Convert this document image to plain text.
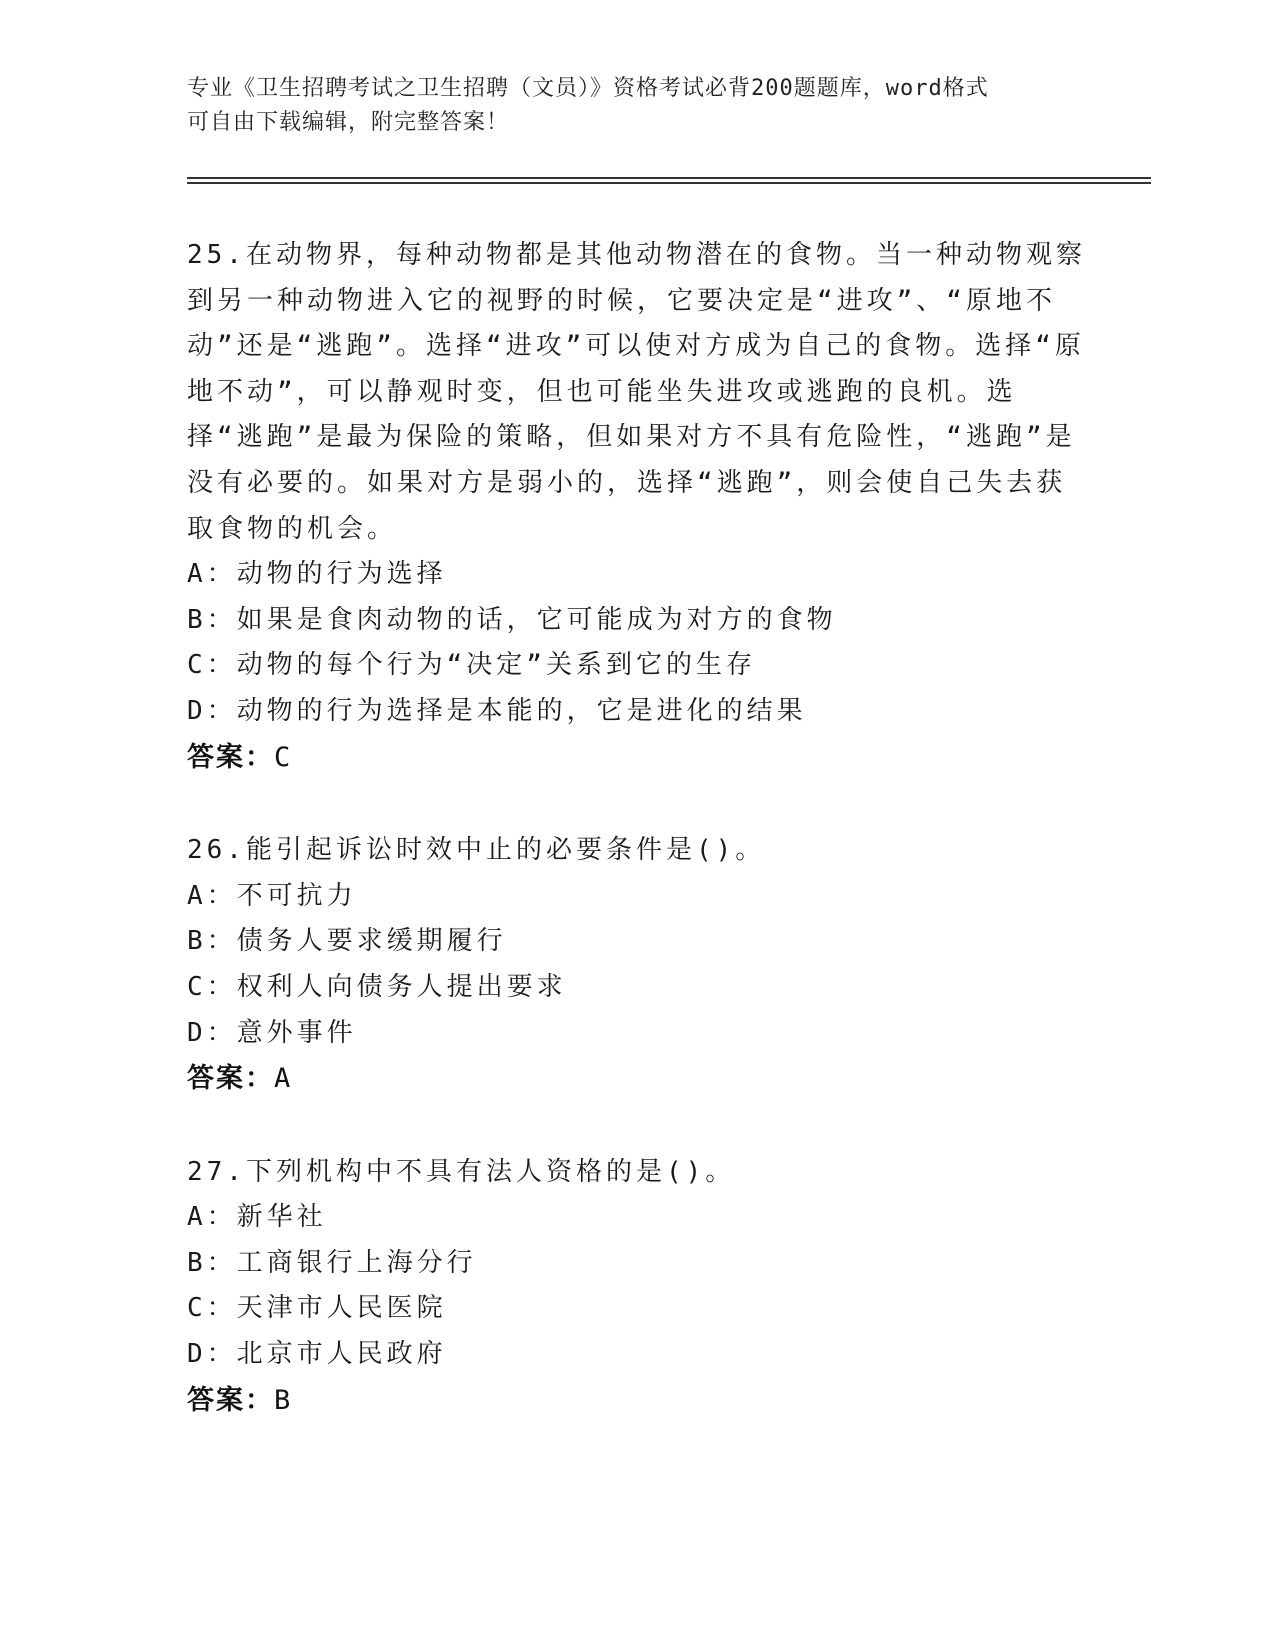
专业《卫生招聘考试之卫生招聘（文员）》资格考试必背200题题库，word格式
可自由下载编辑，附完整答案！

25.在动物界，每种动物都是其他动物潜在的食物。当一种动物观察到另一种动物进入它的视野的时候，它要决定是“进攻”、“原地不动”还是“逃跑”。选择“进攻”可以使对方成为自己的食物。选择“原地不动”，可以静观时变，但也可能坐失进攻或逃跑的良机。选择“逃跑”是最为保险的策略，但如果对方不具有危险性，“逃跑”是没有必要的。如果对方是弱小的，选择“逃跑”，则会使自己失去获取食物的机会。

A：动物的行为选择

B：如果是食肉动物的话，它可能成为对方的食物

C：动物的每个行为“决定”关系到它的生存

D：动物的行为选择是本能的，它是进化的结果

答案：C

26.能引起诉讼时效中止的必要条件是()。

A：不可抗力

B：债务人要求缓期履行

C：权利人向债务人提出要求

D：意外事件

答案：A

27.下列机构中不具有法人资格的是()。

A：新华社

B：工商银行上海分行

C：天津市人民医院

D：北京市人民政府

答案：B
